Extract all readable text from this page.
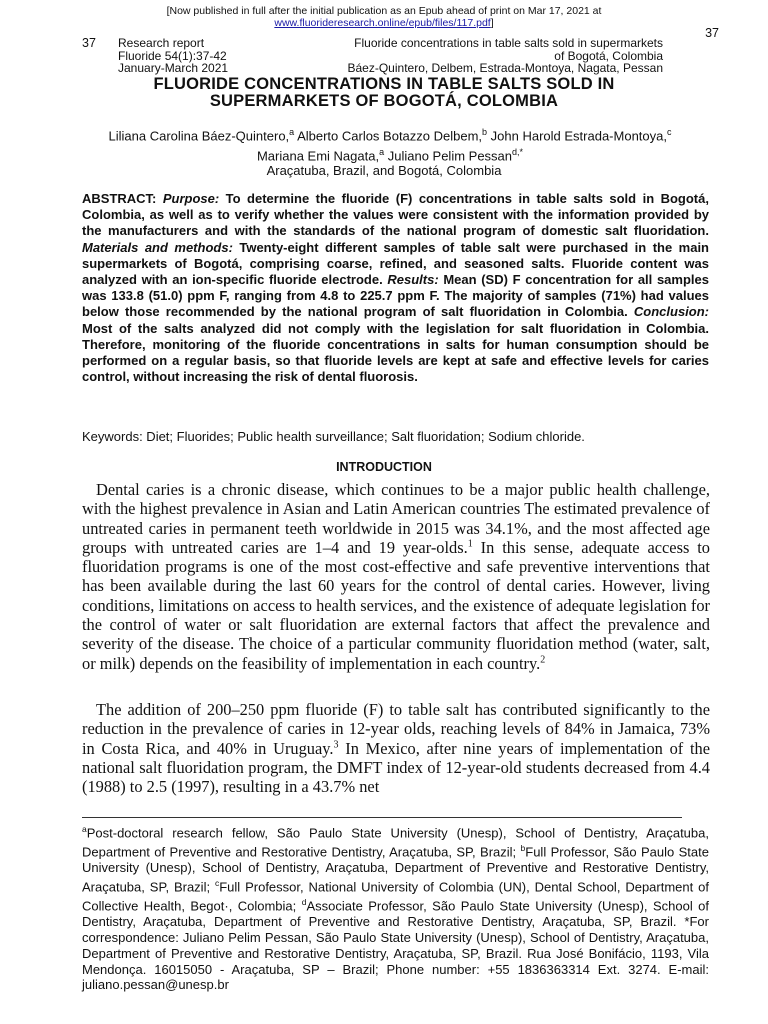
[Now published in full after the initial publication as an Epub ahead of print on Mar 17, 2021 at
www.fluorideresearch.online/epub/files/117.pdf]
37
37 Research report
Fluoride 54(1):37-42
January-March 2021
Fluoride concentrations in table salts sold in supermarkets
of Bogotá, Colombia
Báez-Quintero, Delbem, Estrada-Montoya, Nagata, Pessan
FLUORIDE CONCENTRATIONS IN TABLE SALTS SOLD IN
SUPERMARKETS OF BOGOTÁ, COLOMBIA
Liliana Carolina Báez-Quintero,$^a$ Alberto Carlos Botazzo Delbem,$^b$ John Harold Estrada-Montoya,$^c$
Mariana Emi Nagata,$^a$ Juliano Pelim Pessan$^{d,*}$
Araçatuba, Brazil, and Bogotá, Colombia
ABSTRACT: Purpose: To determine the fluoride (F) concentrations in table salts sold in Bogotá, Colombia, as well as to verify whether the values were consistent with the information provided by the manufacturers and with the standards of the national program of domestic salt fluoridation. Materials and methods: Twenty-eight different samples of table salt were purchased in the main supermarkets of Bogotá, comprising coarse, refined, and seasoned salts. Fluoride content was analyzed with an ion-specific fluoride electrode. Results: Mean (SD) F concentration for all samples was 133.8 (51.0) ppm F, ranging from 4.8 to 225.7 ppm F. The majority of samples (71%) had values below those recommended by the national program of salt fluoridation in Colombia. Conclusion: Most of the salts analyzed did not comply with the legislation for salt fluoridation in Colombia. Therefore, monitoring of the fluoride concentrations in salts for human consumption should be performed on a regular basis, so that fluoride levels are kept at safe and effective levels for caries control, without increasing the risk of dental fluorosis.
Keywords: Diet; Fluorides; Public health surveillance; Salt fluoridation; Sodium chloride.
INTRODUCTION

Dental caries is a chronic disease, which continues to be a major public health challenge, with the highest prevalence in Asian and Latin American countries The estimated prevalence of untreated caries in permanent teeth worldwide in 2015 was 34.1%, and the most affected age groups with untreated caries are 1–4 and 19 year-olds.$^1$ In this sense, adequate access to fluoridation programs is one of the most cost-effective and safe preventive interventions that has been available during the last 60 years for the control of dental caries. However, living conditions, limitations on access to health services, and the existence of adequate legislation for the control of water or salt fluoridation are external factors that affect the prevalence and severity of the disease. The choice of a particular community fluoridation method (water, salt, or milk) depends on the feasibility of implementation in each country.$^2$

The addition of 200–250 ppm fluoride (F) to table salt has contributed significantly to the reduction in the prevalence of caries in 12-year olds, reaching levels of 84% in Jamaica, 73% in Costa Rica, and 40% in Uruguay.$^3$ In Mexico, after nine years of implementation of the national salt fluoridation program, the DMFT index of 12-year-old students decreased from 4.4 (1988) to 2.5 (1997), resulting in a 43.7% net

$^a$Post-doctoral research fellow, São Paulo State University (Unesp), School of Dentistry, Araçatuba, Department of Preventive and Restorative Dentistry, Araçatuba, SP, Brazil; $^b$Full Professor, São Paulo State University (Unesp), School of Dentistry, Araçatuba, Department of Preventive and Restorative Dentistry, Araçatuba, SP, Brazil; $^c$Full Professor, National University of Colombia (UN), Dental School, Department of Collective Health, Begot·, Colombia; $^d$Associate Professor, São Paulo State University (Unesp), School of Dentistry, Araçatuba, Department of Preventive and Restorative Dentistry, Araçatuba, SP, Brazil. *For correspondence: Juliano Pelim Pessan, São Paulo State University (Unesp), School of Dentistry, Araçatuba, Department of Preventive and Restorative Dentistry, Araçatuba, SP, Brazil. Rua José Bonifácio, 1193, Vila Mendonça. 16015050 - Araçatuba, SP – Brazil; Phone number: +55 1836363314 Ext. 3274. E-mail: juliano.pessan@unesp.br
